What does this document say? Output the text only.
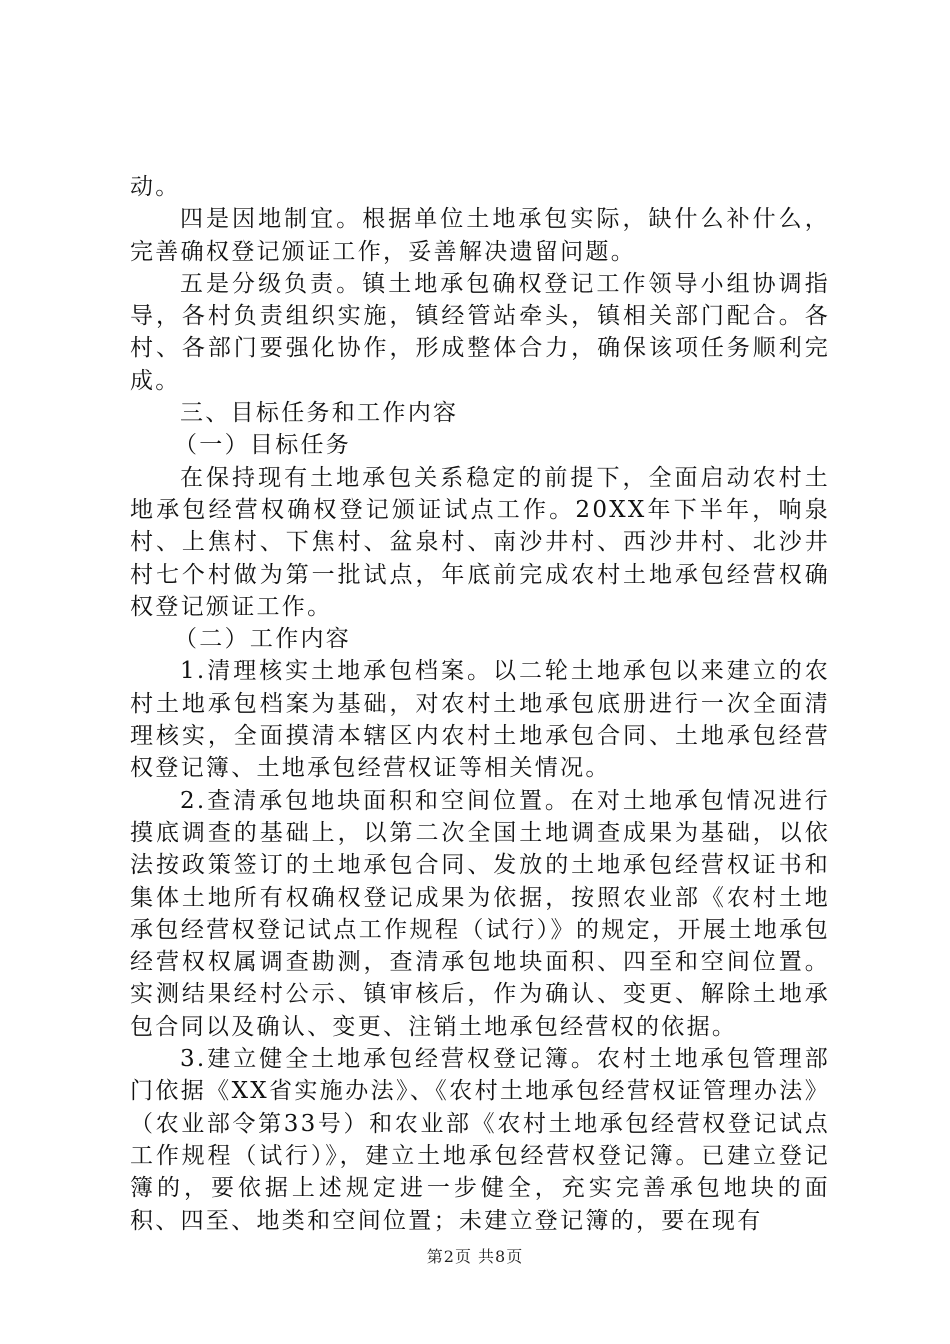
动。

四是因地制宜。根据单位土地承包实际，缺什么补什么，完善确权登记颁证工作，妥善解决遗留问题。

五是分级负责。镇土地承包确权登记工作领导小组协调指导，各村负责组织实施，镇经管站牵头，镇相关部门配合。各村、各部门要强化协作，形成整体合力，确保该项任务顺利完成。

三、目标任务和工作内容

（一）目标任务

在保持现有土地承包关系稳定的前提下，全面启动农村土地承包经营权确权登记颁证试点工作。20XX年下半年，响泉村、上焦村、下焦村、盆泉村、南沙井村、西沙井村、北沙井村七个村做为第一批试点，年底前完成农村土地承包经营权确权登记颁证工作。

（二）工作内容

1.清理核实土地承包档案。以二轮土地承包以来建立的农村土地承包档案为基础，对农村土地承包底册进行一次全面清理核实，全面摸清本辖区内农村土地承包合同、土地承包经营权登记簿、土地承包经营权证等相关情况。

2.查清承包地块面积和空间位置。在对土地承包情况进行摸底调查的基础上，以第二次全国土地调查成果为基础，以依法按政策签订的土地承包合同、发放的土地承包经营权证书和集体土地所有权确权登记成果为依据，按照农业部《农村土地承包经营权登记试点工作规程（试行）》的规定，开展土地承包经营权权属调查勘测，查清承包地块面积、四至和空间位置。实测结果经村公示、镇审核后，作为确认、变更、解除土地承包合同以及确认、变更、注销土地承包经营权的依据。

3.建立健全土地承包经营权登记簿。农村土地承包管理部门依据《XX省实施办法》、《农村土地承包经营权证管理办法》（农业部令第33号）和农业部《农村土地承包经营权登记试点工作规程（试行）》，建立土地承包经营权登记簿。已建立登记簿的，要依据上述规定进一步健全，充实完善承包地块的面积、四至、地类和空间位置；未建立登记簿的，要在现有

第2页 共8页
